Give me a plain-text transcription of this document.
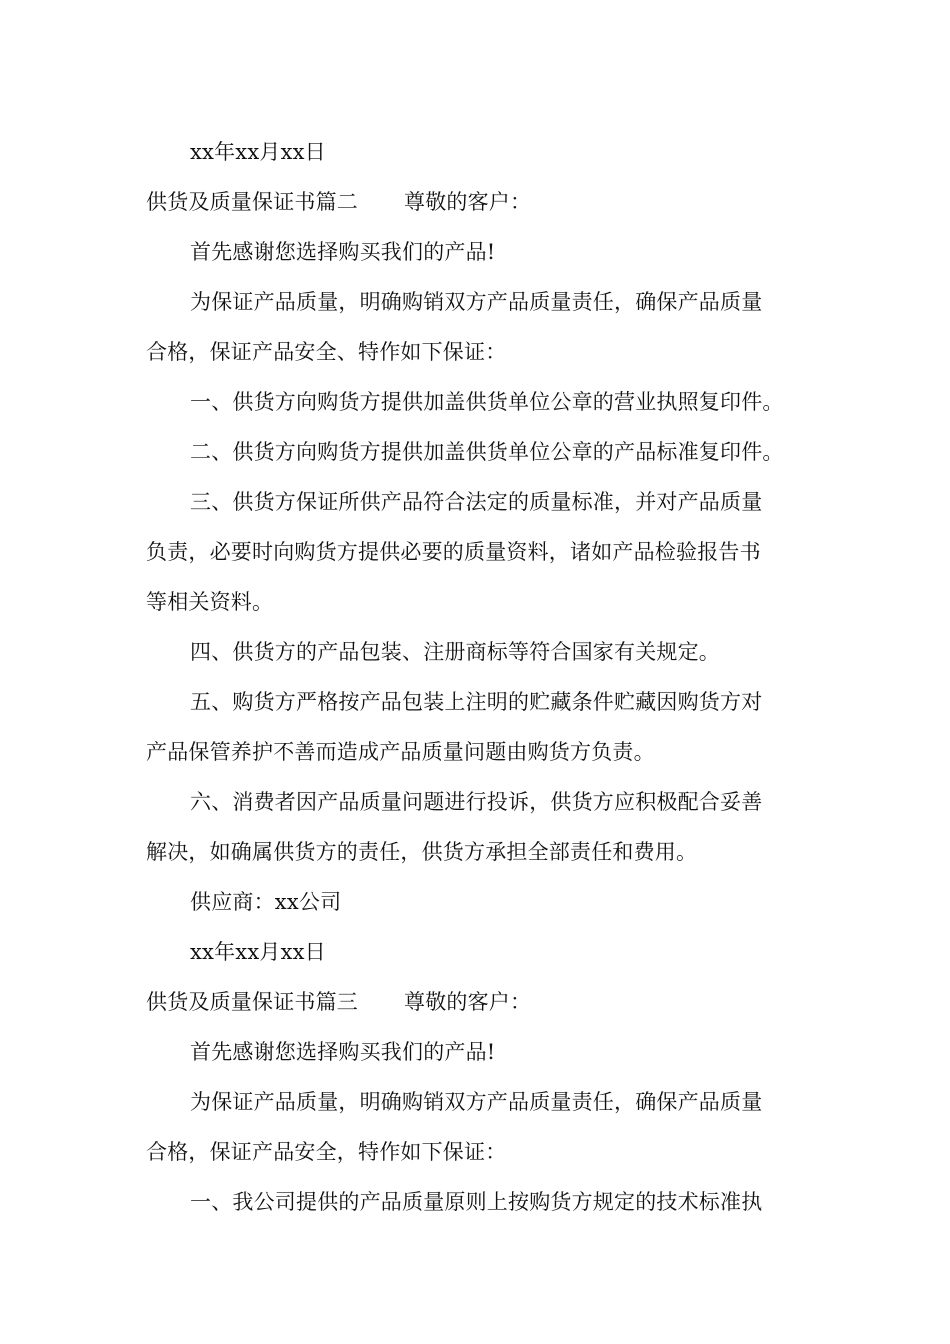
xx年xx月xx日
供货及质量保证书篇二 尊敬的客户：
首先感谢您选择购买我们的产品!
为保证产品质量，明确购销双方产品质量责任，确保产品质量
合格，保证产品安全、特作如下保证：
一、供货方向购货方提供加盖供货单位公章的营业执照复印件。
二、供货方向购货方提供加盖供货单位公章的产品标准复印件。
三、供货方保证所供产品符合法定的质量标准，并对产品质量
负责，必要时向购货方提供必要的质量资料，诸如产品检验报告书
等相关资料。
四、供货方的产品包装、注册商标等符合国家有关规定。
五、购货方严格按产品包装上注明的贮藏条件贮藏因购货方对
产品保管养护不善而造成产品质量问题由购货方负责。
六、消费者因产品质量问题进行投诉，供货方应积极配合妥善
解决，如确属供货方的责任，供货方承担全部责任和费用。
供应商：xx公司
xx年xx月xx日
供货及质量保证书篇三 尊敬的客户：
首先感谢您选择购买我们的产品!
为保证产品质量，明确购销双方产品质量责任，确保产品质量
合格，保证产品安全，特作如下保证：
一、我公司提供的产品质量原则上按购货方规定的技术标准执
